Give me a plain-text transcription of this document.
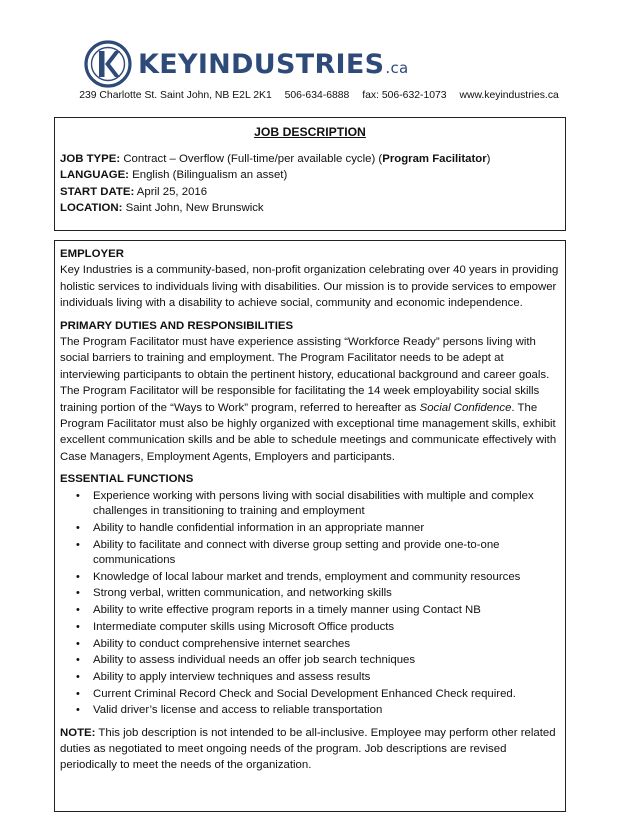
KEYINDUSTRIES.ca
239 Charlotte St. Saint John, NB E2L 2K1 506-634-6888 fax: 506-632-1073 www.keyindustries.ca
JOB DESCRIPTION
JOB TYPE: Contract – Overflow (Full-time/per available cycle) (Program Facilitator)
LANGUAGE: English (Bilingualism an asset)
START DATE: April 25, 2016
LOCATION: Saint John, New Brunswick
EMPLOYER
Key Industries is a community-based, non-profit organization celebrating over 40 years in providing holistic services to individuals living with disabilities. Our mission is to provide services to empower individuals living with a disability to achieve social, community and economic independence.
PRIMARY DUTIES AND RESPONSIBILITIES
The Program Facilitator must have experience assisting “Workforce Ready” persons living with social barriers to training and employment. The Program Facilitator needs to be adept at interviewing participants to obtain the pertinent history, educational background and career goals. The Program Facilitator will be responsible for facilitating the 14 week employability social skills training portion of the “Ways to Work” program, referred to hereafter as Social Confidence. The Program Facilitator must also be highly organized with exceptional time management skills, exhibit excellent communication skills and be able to schedule meetings and communicate effectively with Case Managers, Employment Agents, Employers and participants.
ESSENTIAL FUNCTIONS
• Experience working with persons living with social disabilities with multiple and complex challenges in transitioning to training and employment
• Ability to handle confidential information in an appropriate manner
• Ability to facilitate and connect with diverse group setting and provide one-to-one communications
• Knowledge of local labour market and trends, employment and community resources
• Strong verbal, written communication, and networking skills
• Ability to write effective program reports in a timely manner using Contact NB
• Intermediate computer skills using Microsoft Office products
• Ability to conduct comprehensive internet searches
• Ability to assess individual needs an offer job search techniques
• Ability to apply interview techniques and assess results
• Current Criminal Record Check and Social Development Enhanced Check required.
• Valid driver’s license and access to reliable transportation
NOTE: This job description is not intended to be all-inclusive. Employee may perform other related duties as negotiated to meet ongoing needs of the program. Job descriptions are revised periodically to meet the needs of the organization.
